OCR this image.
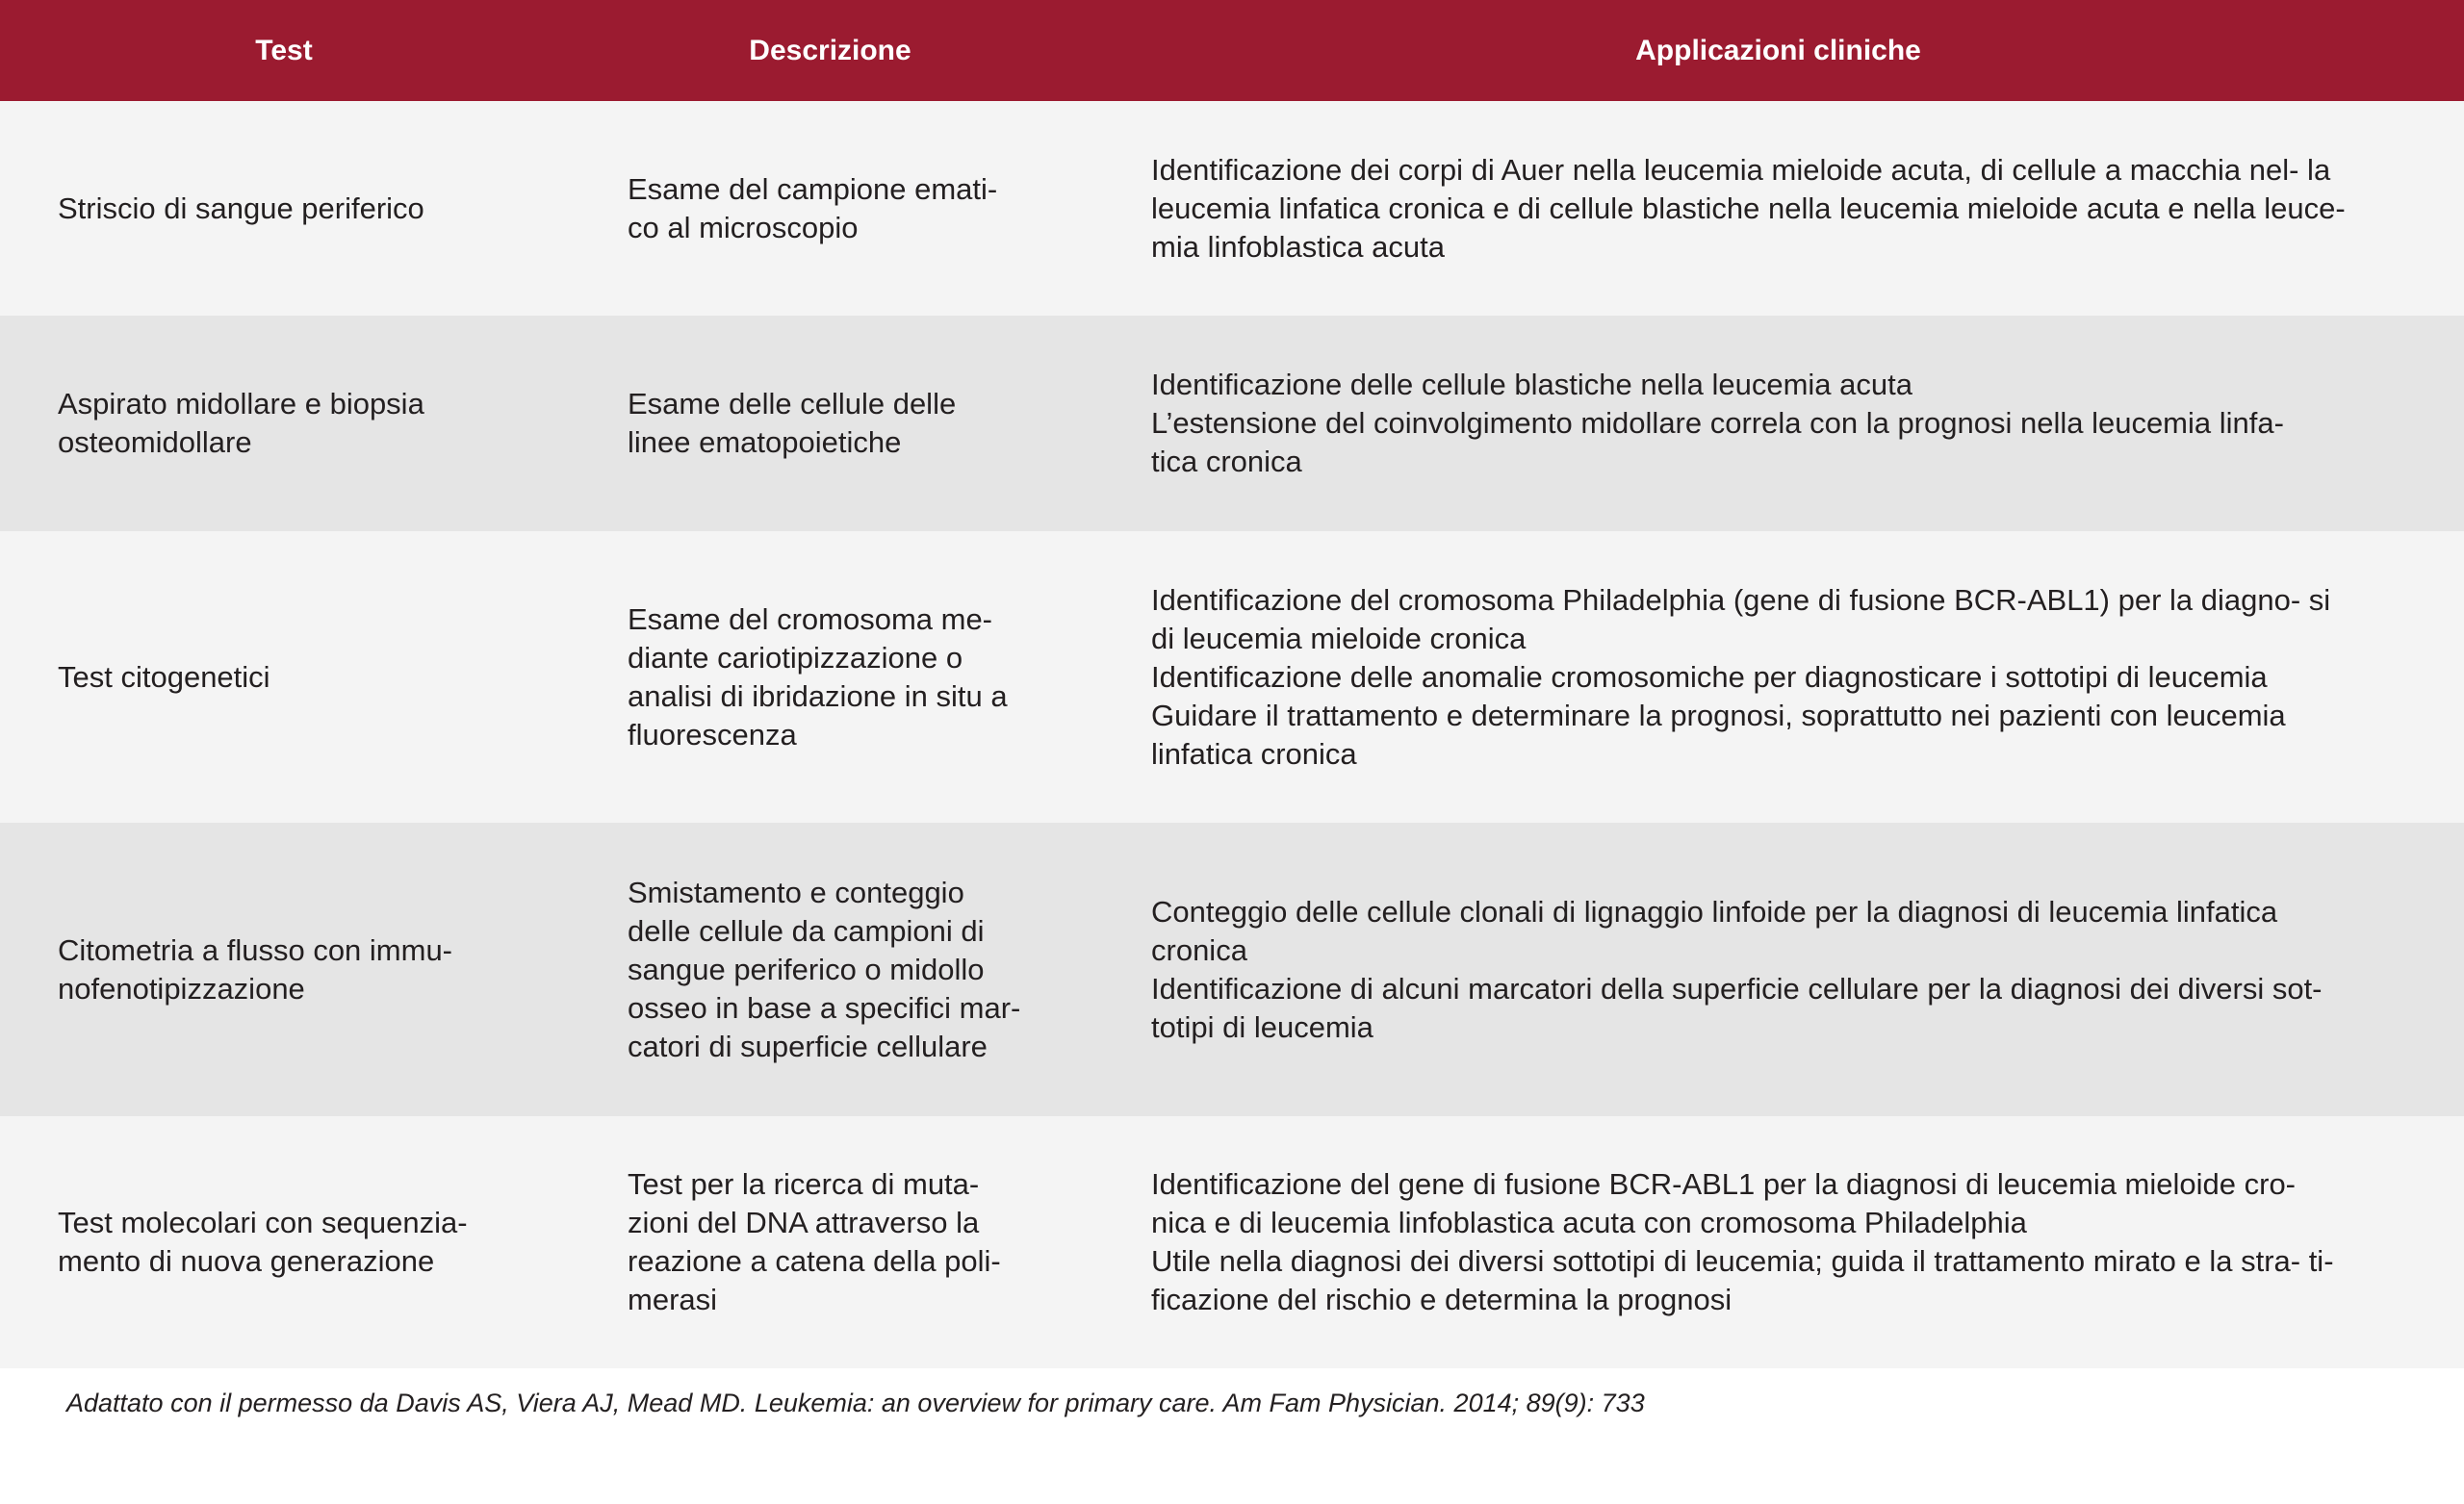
Test	Descrizione	Applicazioni cliniche
Striscio di sangue periferico
Esame del campione emati-
co al microscopio
Identificazione dei corpi di Auer nella leucemia mieloide acuta, di cellule a macchia nel- la
leucemia linfatica cronica e di cellule blastiche nella leucemia mieloide acuta e nella leuce-
mia linfoblastica acuta
Aspirato midollare e biopsia
osteomidollare
Esame delle cellule delle
linee ematopoietiche
Identificazione delle cellule blastiche nella leucemia acuta
L’estensione del coinvolgimento midollare correla con la prognosi nella leucemia linfa-
tica cronica
Test citogenetici
Esame del cromosoma me-
diante cariotipizzazione o
analisi di ibridazione in situ a
fluorescenza
Identificazione del cromosoma Philadelphia (gene di fusione BCR-ABL1) per la diagno- si
di leucemia mieloide cronica
Identificazione delle anomalie cromosomiche per diagnosticare i sottotipi di leucemia
Guidare il trattamento e determinare la prognosi, soprattutto nei pazienti con leucemia
linfatica cronica
Citometria a flusso con immu-
nofenotipizzazione
Smistamento e conteggio
delle cellule da campioni di
sangue periferico o midollo
osseo in base a specifici mar-
catori di superficie cellulare
Conteggio delle cellule clonali di lignaggio linfoide per la diagnosi di leucemia linfatica
cronica
Identificazione di alcuni marcatori della superficie cellulare per la diagnosi dei diversi sot-
totipi di leucemia
Test molecolari con sequenzia-
mento di nuova generazione
Test per la ricerca di muta-
zioni del DNA attraverso la
reazione a catena della poli-
merasi
Identificazione del gene di fusione BCR-ABL1 per la diagnosi di leucemia mieloide cro-
nica e di leucemia linfoblastica acuta con cromosoma Philadelphia
Utile nella diagnosi dei diversi sottotipi di leucemia; guida il trattamento mirato e la stra- ti-
ficazione del rischio e determina la prognosi
Adattato con il permesso da Davis AS, Viera AJ, Mead MD. Leukemia: an overview for primary care. Am Fam Physician. 2014; 89(9): 733
